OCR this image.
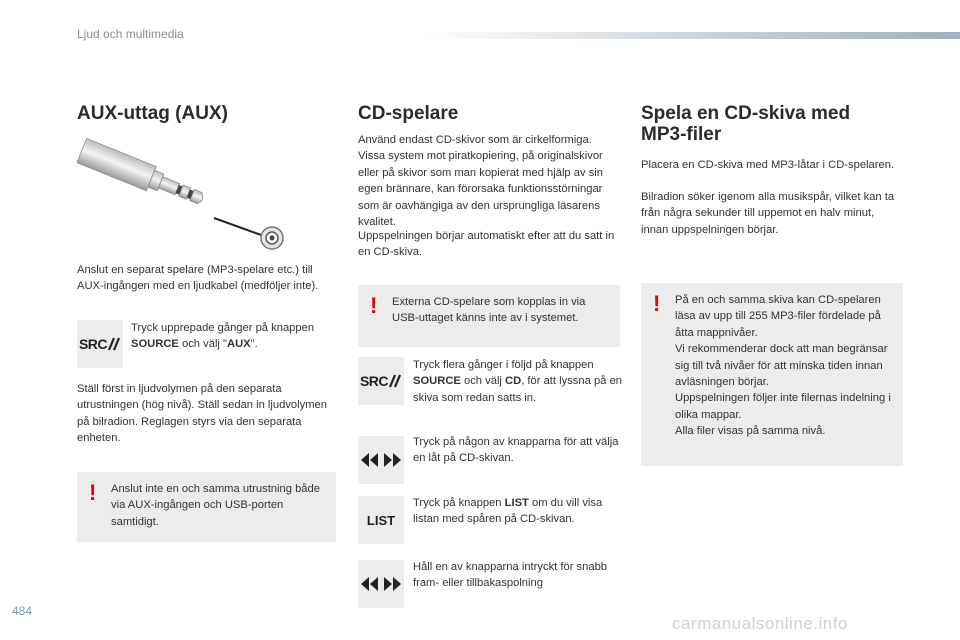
Ljud och multimedia
AUX-uttag (AUX)
Anslut en separat spelare (MP3-spelare etc.) till AUX-ingången med en ljudkabel (medföljer inte).
SRC
Tryck upprepade gånger på knappen SOURCE och välj "AUX".
Ställ först in ljudvolymen på den separata utrustningen (hög nivå). Ställ sedan in ljudvolymen på bilradion. Reglagen styrs via den separata enheten.
! Anslut inte en och samma utrustning både via AUX-ingången och USB-porten samtidigt.
CD-spelare
Använd endast CD-skivor som är cirkelformiga. Vissa system mot piratkopiering, på originalskivor eller på skivor som man kopierat med hjälp av sin egen brännare, kan förorsaka funktionsstörningar som är oavhängiga av den ursprungliga läsarens kvalitet.
Uppspelningen börjar automatiskt efter att du satt in en CD-skiva.
! Externa CD-spelare som kopplas in via USB-uttaget känns inte av i systemet.
SRC
Tryck flera gånger i följd på knappen SOURCE och välj CD, för att lyssna på en skiva som redan satts in.
Tryck på någon av knapparna för att välja en låt på CD-skivan.
LIST
Tryck på knappen LIST om du vill visa listan med spåren på CD-skivan.
Håll en av knapparna intryckt för snabb fram- eller tillbakaspolning
Spela en CD-skiva med MP3-filer
Placera en CD-skiva med MP3-låtar i CD-spelaren.
Bilradion söker igenom alla musikspår, vilket kan ta från några sekunder till uppemot en halv minut, innan uppspelningen börjar.
! På en och samma skiva kan CD-spelaren läsa av upp till 255 MP3-filer fördelade på åtta mappnivåer.
Vi rekommenderar dock att man begränsar sig till två nivåer för att minska tiden innan avläsningen börjar.
Uppspelningen följer inte filernas indelning i olika mappar.
Alla filer visas på samma nivå.
484
carmanualsonline.info
